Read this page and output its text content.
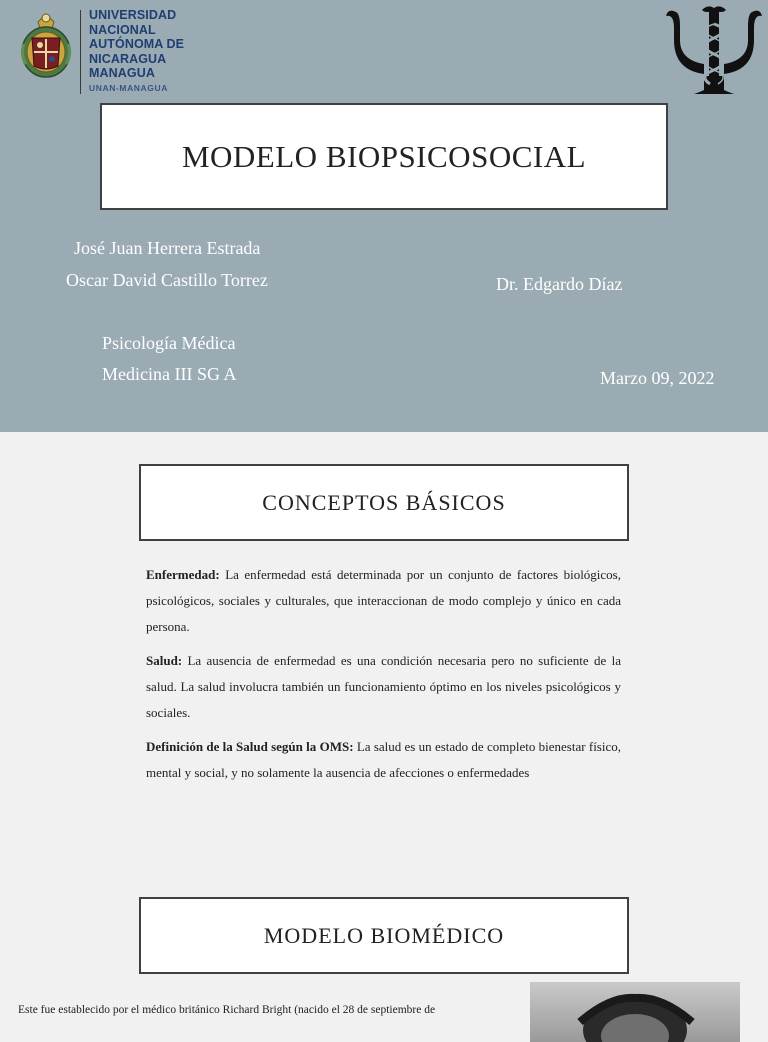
UNIVERSIDAD
NACIONAL
AUTÓNOMA DE
NICARAGUA
MANAGUA
UNAN-MANAGUA
MODELO BIOPSICOSOCIAL
José Juan Herrera Estrada
Oscar David Castillo Torrez	Dr. Edgardo Díaz
Psicología Médica
Medicina III SG A	Marzo 09, 2022
CONCEPTOS BÁSICOS

Enfermedad: La enfermedad está determinada por un conjunto de factores biológicos, psicológicos, sociales y culturales, que interaccionan de modo complejo y único en cada persona.

Salud: La ausencia de enfermedad es una condición necesaria pero no suficiente de la salud. La salud involucra también un funcionamiento óptimo en los niveles psicológicos y sociales.

Definición de la Salud según la OMS: La salud es un estado de completo bienestar físico, mental y social, y no solamente la ausencia de afecciones o enfermedades

MODELO BIOMÉDICO
Este fue establecido por el médico británico Richard Bright (nacido el 28 de septiembre de
